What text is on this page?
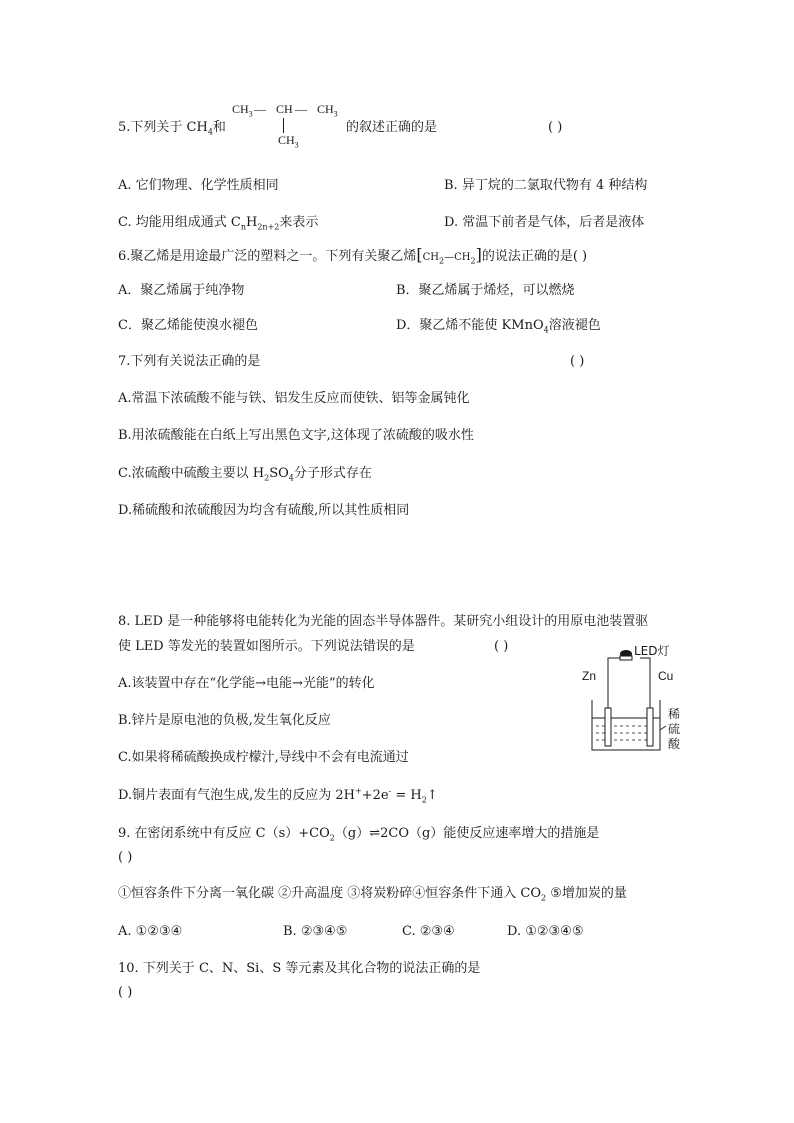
5.下列关于 $CH_4$和
$CH_3$ — CH — $CH_3$
$CH_3$
的叙述正确的是	( )
A. 它们物理、化学性质相同	B. 异丁烷的二氯取代物有 4 种结构
C. 均能用组成通式 $C_nH_{2n+2}$来表示	D. 常温下前者是气体，后者是液体
6.聚乙烯是用途最广泛的塑料之一。下列有关聚乙烯$[CH_2—CH_2]$的说法正确的是( )
A．聚乙烯属于纯净物	B．聚乙烯属于烯烃，可以燃烧
C．聚乙烯能使溴水褪色	D．聚乙烯不能使 KMnO$_4$溶液褪色
7.下列有关说法正确的是	( )
A.常温下浓硫酸不能与铁、铝发生反应而使铁、铝等金属钝化
B.用浓硫酸能在白纸上写出黑色文字,这体现了浓硫酸的吸水性
C.浓硫酸中硫酸主要以 $H_2SO_4$分子形式存在
D.稀硫酸和浓硫酸因为均含有硫酸,所以其性质相同
8. LED 是一种能够将电能转化为光能的固态半导体器件。某研究小组设计的用原电池装置驱
使 LED 等发光的装置如图所示。下列说法错误的是	( )
A.该装置中存在“化学能→电能→光能”的转化
B.锌片是原电池的负极,发生氧化反应
C.如果将稀硫酸换成柠檬汁,导线中不会有电流通过
D.铜片表面有气泡生成,发生的反应为 $2H^++2e^- = H_2↑$
LED灯
Zn	Cu
稀
硫
酸
9. 在密闭系统中有反应 $C(s)+CO_2(g)\rightleftharpoons 2CO(g)$能使反应速率增大的措施是
( )
①恒容条件下分离一氧化碳 ②升高温度 ③将炭粉碎④恒容条件下通入 $CO_2$ ⑤增加炭的量
A. ①②③④	B. ②③④⑤	C. ②③④	D. ①②③④⑤
10. 下列关于 C、N、Si、S 等元素及其化合物的说法正确的是
( )
